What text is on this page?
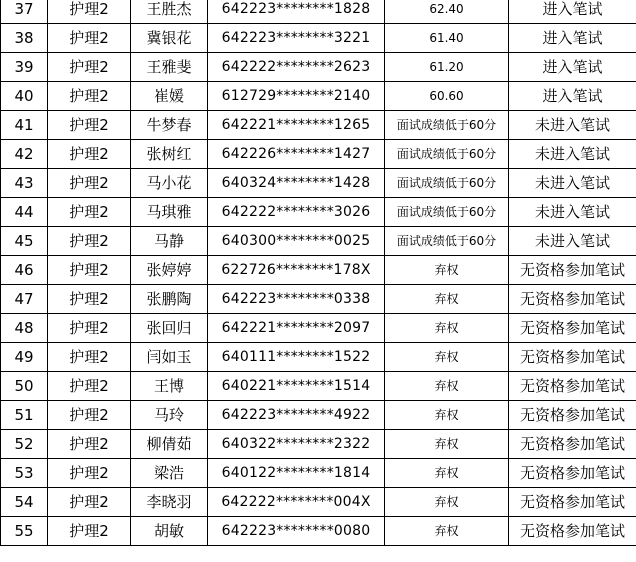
37	护理2	王胜杰	642223********1828	62.40	进入笔试
38	护理2	冀银花	642223********3221	61.40	进入笔试
39	护理2	王雅斐	642222********2623	61.20	进入笔试
40	护理2	崔媛	612729********2140	60.60	进入笔试
41	护理2	牛梦春	642221********1265	面试成绩低于60分	未进入笔试
42	护理2	张树红	642226********1427	面试成绩低于60分	未进入笔试
43	护理2	马小花	640324********1428	面试成绩低于60分	未进入笔试
44	护理2	马琪雅	642222********3026	面试成绩低于60分	未进入笔试
45	护理2	马静	640300********0025	面试成绩低于60分	未进入笔试
46	护理2	张婷婷	622726********178X	弃权	无资格参加笔试
47	护理2	张鹏陶	642223********0338	弃权	无资格参加笔试
48	护理2	张回归	642221********2097	弃权	无资格参加笔试
49	护理2	闫如玉	640111********1522	弃权	无资格参加笔试
50	护理2	王博	640221********1514	弃权	无资格参加笔试
51	护理2	马玲	642223********4922	弃权	无资格参加笔试
52	护理2	柳倩茹	640322********2322	弃权	无资格参加笔试
53	护理2	梁浩	640122********1814	弃权	无资格参加笔试
54	护理2	李晓羽	642222********004X	弃权	无资格参加笔试
55	护理2	胡敏	642223********0080	弃权	无资格参加笔试
